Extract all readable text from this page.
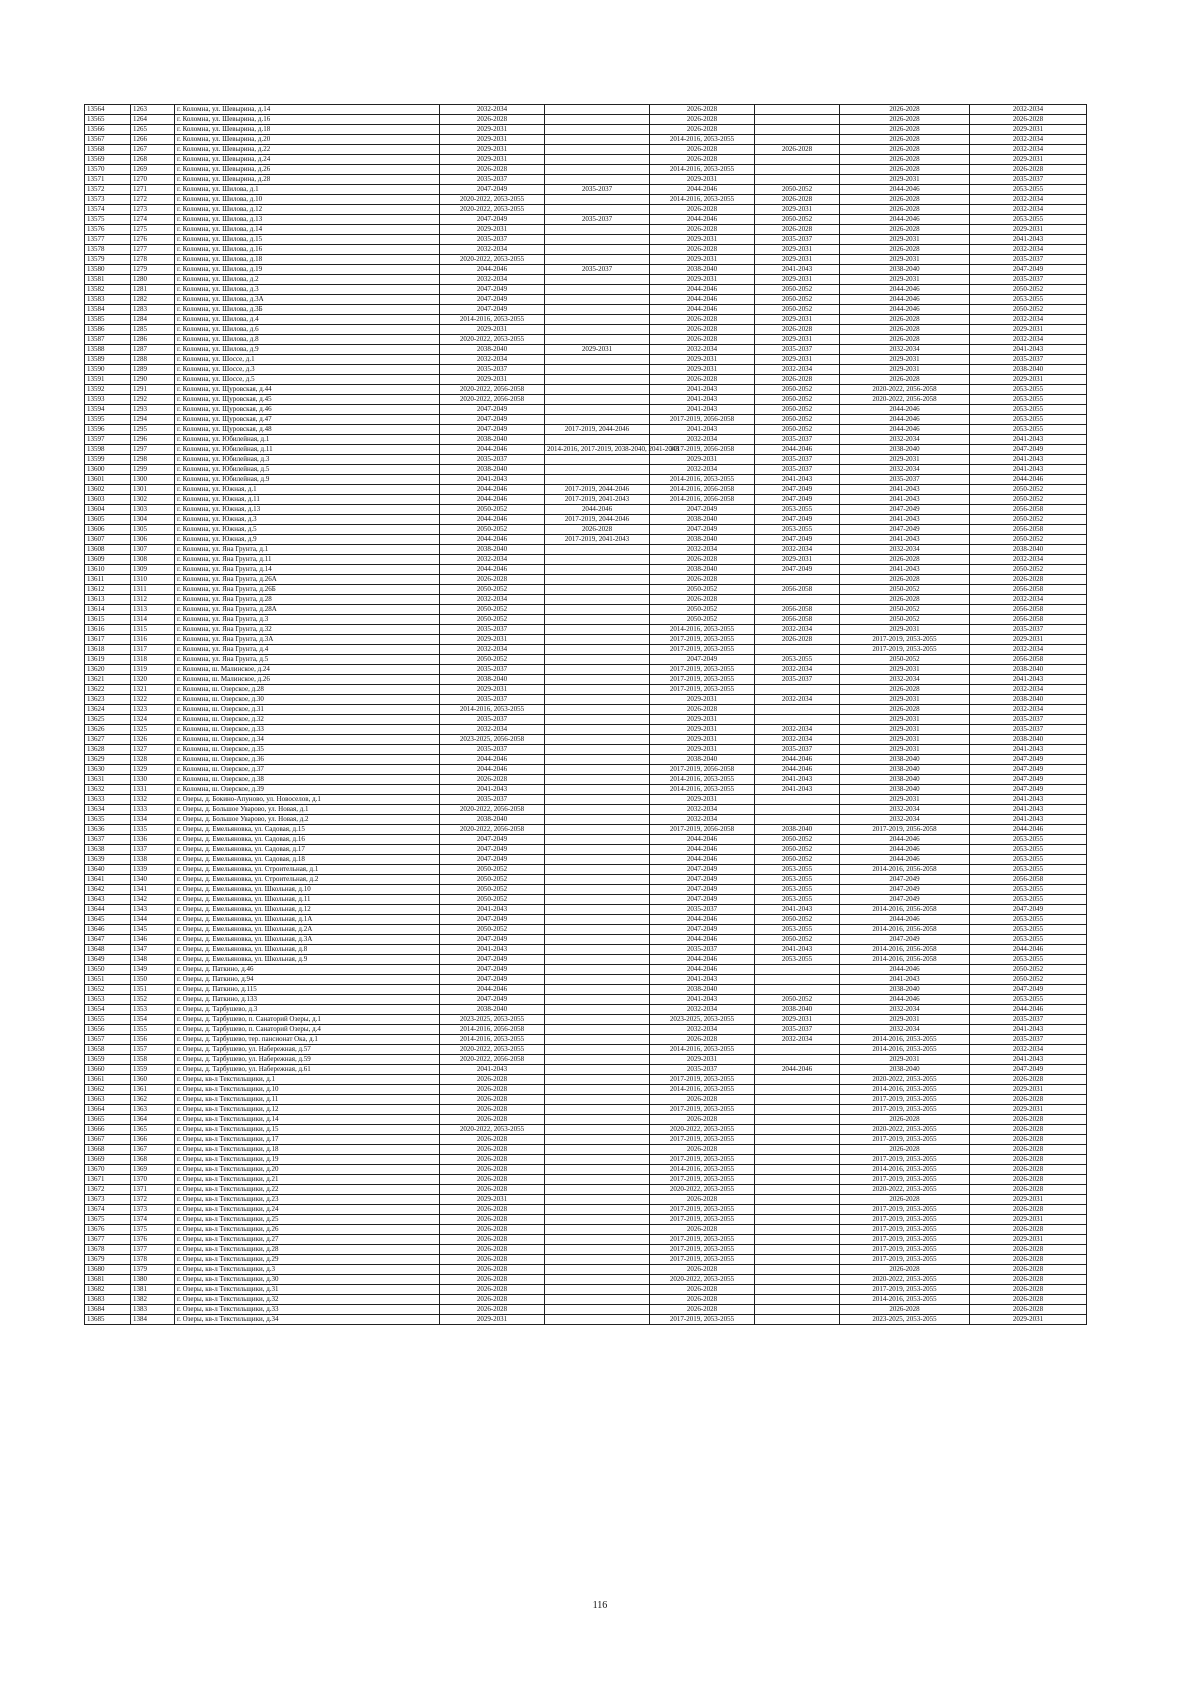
13564	1263	г. Коломна, ул. Шевырина, д.14	2032-2034		2026-2028		2026-2028	2032-2034
13565	1264	г. Коломна, ул. Шевырина, д.16	2026-2028		2026-2028		2026-2028	2026-2028
13566	1265	г. Коломна, ул. Шевырина, д.18	2029-2031		2026-2028		2026-2028	2029-2031
13567	1266	г. Коломна, ул. Шевырина, д.20	2029-2031		2014-2016, 2053-2055		2026-2028	2032-2034
13568	1267	г. Коломна, ул. Шевырина, д.22	2029-2031		2026-2028	2026-2028	2026-2028	2032-2034
13569	1268	г. Коломна, ул. Шевырина, д.24	2029-2031		2026-2028		2026-2028	2029-2031
13570	1269	г. Коломна, ул. Шевырина, д.26	2026-2028		2014-2016, 2053-2055		2026-2028	2026-2028
13571	1270	г. Коломна, ул. Шевырина, д.28	2035-2037		2029-2031		2029-2031	2035-2037
13572	1271	г. Коломна, ул. Шилова, д.1	2047-2049	2035-2037	2044-2046	2050-2052	2044-2046	2053-2055
13573	1272	г. Коломна, ул. Шилова, д.10	2020-2022, 2053-2055		2014-2016, 2053-2055	2026-2028	2026-2028	2032-2034
13574	1273	г. Коломна, ул. Шилова, д.12	2020-2022, 2053-2055		2026-2028	2029-2031	2026-2028	2032-2034
13575	1274	г. Коломна, ул. Шилова, д.13	2047-2049	2035-2037	2044-2046	2050-2052	2044-2046	2053-2055
13576	1275	г. Коломна, ул. Шилова, д.14	2029-2031		2026-2028	2026-2028	2026-2028	2029-2031
13577	1276	г. Коломна, ул. Шилова, д.15	2035-2037		2029-2031	2035-2037	2029-2031	2041-2043
13578	1277	г. Коломна, ул. Шилова, д.16	2032-2034		2026-2028	2029-2031	2026-2028	2032-2034
13579	1278	г. Коломна, ул. Шилова, д.18	2020-2022, 2053-2055		2029-2031	2029-2031	2029-2031	2035-2037
13580	1279	г. Коломна, ул. Шилова, д.19	2044-2046	2035-2037	2038-2040	2041-2043	2038-2040	2047-2049
13581	1280	г. Коломна, ул. Шилова, д.2	2032-2034		2029-2031	2029-2031	2029-2031	2035-2037
13582	1281	г. Коломна, ул. Шилова, д.3	2047-2049		2044-2046	2050-2052	2044-2046	2050-2052
13583	1282	г. Коломна, ул. Шилова, д.3А	2047-2049		2044-2046	2050-2052	2044-2046	2053-2055
13584	1283	г. Коломна, ул. Шилова, д.3Б	2047-2049		2044-2046	2050-2052	2044-2046	2050-2052
13585	1284	г. Коломна, ул. Шилова, д.4	2014-2016, 2053-2055		2026-2028	2029-2031	2026-2028	2032-2034
13586	1285	г. Коломна, ул. Шилова, д.6	2029-2031		2026-2028	2026-2028	2026-2028	2029-2031
13587	1286	г. Коломна, ул. Шилова, д.8	2020-2022, 2053-2055		2026-2028	2029-2031	2026-2028	2032-2034
13588	1287	г. Коломна, ул. Шилова, д.9	2038-2040	2029-2031	2032-2034	2035-2037	2032-2034	2041-2043
13589	1288	г. Коломна, ул. Шоссе, д.1	2032-2034		2029-2031	2029-2031	2029-2031	2035-2037
13590	1289	г. Коломна, ул. Шоссе, д.3	2035-2037		2029-2031	2032-2034	2029-2031	2038-2040
13591	1290	г. Коломна, ул. Шоссе, д.5	2029-2031		2026-2028	2026-2028	2026-2028	2029-2031
13592	1291	г. Коломна, ул. Щуровская, д.44	2020-2022, 2056-2058		2041-2043	2050-2052	2020-2022, 2056-2058	2053-2055
13593	1292	г. Коломна, ул. Щуровская, д.45	2020-2022, 2056-2058		2041-2043	2050-2052	2020-2022, 2056-2058	2053-2055
13594	1293	г. Коломна, ул. Щуровская, д.46	2047-2049		2041-2043	2050-2052	2044-2046	2053-2055
13595	1294	г. Коломна, ул. Щуровская, д.47	2047-2049		2017-2019, 2056-2058	2050-2052	2044-2046	2053-2055
13596	1295	г. Коломна, ул. Щуровская, д.48	2047-2049	2017-2019, 2044-2046	2041-2043	2050-2052	2044-2046	2053-2055
13597	1296	г. Коломна, ул. Юбилейная, д.1	2038-2040		2032-2034	2035-2037	2032-2034	2041-2043
13598	1297	г. Коломна, ул. Юбилейная, д.11	2044-2046	2014-2016, 2017-2019, 2038-2040, 2041-2043	2017-2019, 2056-2058	2044-2046	2038-2040	2047-2049
13599	1298	г. Коломна, ул. Юбилейная, д.3	2035-2037		2029-2031	2035-2037	2029-2031	2041-2043
13600	1299	г. Коломна, ул. Юбилейная, д.5	2038-2040		2032-2034	2035-2037	2032-2034	2041-2043
13601	1300	г. Коломна, ул. Юбилейная, д.9	2041-2043		2014-2016, 2053-2055	2041-2043	2035-2037	2044-2046
13602	1301	г. Коломна, ул. Южная, д.1	2044-2046	2017-2019, 2044-2046	2014-2016, 2056-2058	2047-2049	2041-2043	2050-2052
13603	1302	г. Коломна, ул. Южная, д.11	2044-2046	2017-2019, 2041-2043	2014-2016, 2056-2058	2047-2049	2041-2043	2050-2052
13604	1303	г. Коломна, ул. Южная, д.13	2050-2052	2044-2046	2047-2049	2053-2055	2047-2049	2056-2058
13605	1304	г. Коломна, ул. Южная, д.3	2044-2046	2017-2019, 2044-2046	2038-2040	2047-2049	2041-2043	2050-2052
13606	1305	г. Коломна, ул. Южная, д.5	2050-2052	2026-2028	2047-2049	2053-2055	2047-2049	2056-2058
13607	1306	г. Коломна, ул. Южная, д.9	2044-2046	2017-2019, 2041-2043	2038-2040	2047-2049	2041-2043	2050-2052
13608	1307	г. Коломна, ул. Яна Грунта, д.1	2038-2040		2032-2034	2032-2034	2032-2034	2038-2040
13609	1308	г. Коломна, ул. Яна Грунта, д.11	2032-2034		2026-2028	2029-2031	2026-2028	2032-2034
13610	1309	г. Коломна, ул. Яна Грунта, д.14	2044-2046		2038-2040	2047-2049	2041-2043	2050-2052
13611	1310	г. Коломна, ул. Яна Грунта, д.26А	2026-2028		2026-2028		2026-2028	2026-2028
13612	1311	г. Коломна, ул. Яна Грунта, д.26Б	2050-2052		2050-2052	2056-2058	2050-2052	2056-2058
13613	1312	г. Коломна, ул. Яна Грунта, д.28	2032-2034		2026-2028		2026-2028	2032-2034
13614	1313	г. Коломна, ул. Яна Грунта, д.28А	2050-2052		2050-2052	2056-2058	2050-2052	2056-2058
13615	1314	г. Коломна, ул. Яна Грунта, д.3	2050-2052		2050-2052	2056-2058	2050-2052	2056-2058
13616	1315	г. Коломна, ул. Яна Грунта, д.32	2035-2037		2014-2016, 2053-2055	2032-2034	2029-2031	2035-2037
13617	1316	г. Коломна, ул. Яна Грунта, д.3А	2029-2031		2017-2019, 2053-2055	2026-2028	2017-2019, 2053-2055	2029-2031
13618	1317	г. Коломна, ул. Яна Грунта, д.4	2032-2034		2017-2019, 2053-2055		2017-2019, 2053-2055	2032-2034
13619	1318	г. Коломна, ул. Яна Грунта, д.5	2050-2052		2047-2049	2053-2055	2050-2052	2056-2058
13620	1319	г. Коломна, ш. Малинское, д.24	2035-2037		2017-2019, 2053-2055	2032-2034	2029-2031	2038-2040
13621	1320	г. Коломна, ш. Малинское, д.26	2038-2040		2017-2019, 2053-2055	2035-2037	2032-2034	2041-2043
13622	1321	г. Коломна, ш. Озерское, д.28	2029-2031		2017-2019, 2053-2055		2026-2028	2032-2034
13623	1322	г. Коломна, ш. Озерское, д.30	2035-2037		2029-2031	2032-2034	2029-2031	2038-2040
13624	1323	г. Коломна, ш. Озерское, д.31	2014-2016, 2053-2055		2026-2028		2026-2028	2032-2034
13625	1324	г. Коломна, ш. Озерское, д.32	2035-2037		2029-2031		2029-2031	2035-2037
13626	1325	г. Коломна, ш. Озерское, д.33	2032-2034		2029-2031	2032-2034	2029-2031	2035-2037
13627	1326	г. Коломна, ш. Озерское, д.34	2023-2025, 2056-2058		2029-2031	2032-2034	2029-2031	2038-2040
13628	1327	г. Коломна, ш. Озерское, д.35	2035-2037		2029-2031	2035-2037	2029-2031	2041-2043
13629	1328	г. Коломна, ш. Озерское, д.36	2044-2046		2038-2040	2044-2046	2038-2040	2047-2049
13630	1329	г. Коломна, ш. Озерское, д.37	2044-2046		2017-2019, 2056-2058	2044-2046	2038-2040	2047-2049
13631	1330	г. Коломна, ш. Озерское, д.38	2026-2028		2014-2016, 2053-2055	2041-2043	2038-2040	2047-2049
13632	1331	г. Коломна, ш. Озерское, д.39	2041-2043		2014-2016, 2053-2055	2041-2043	2038-2040	2047-2049
13633	1332	г. Озеры, д. Бокино-Апуново, ул. Новоселов, д.1	2035-2037		2029-2031		2029-2031	2041-2043
13634	1333	г. Озеры, д. Большое Уварово, ул. Новая, д.1	2020-2022, 2056-2058		2032-2034		2032-2034	2041-2043
13635	1334	г. Озеры, д. Большое Уварово, ул. Новая, д.2	2038-2040		2032-2034		2032-2034	2041-2043
13636	1335	г. Озеры, д. Емельяновка, ул. Садовая, д.15	2020-2022, 2056-2058		2017-2019, 2056-2058	2038-2040	2017-2019, 2056-2058	2044-2046
13637	1336	г. Озеры, д. Емельяновка, ул. Садовая, д.16	2047-2049		2044-2046	2050-2052	2044-2046	2053-2055
13638	1337	г. Озеры, д. Емельяновка, ул. Садовая, д.17	2047-2049		2044-2046	2050-2052	2044-2046	2053-2055
13639	1338	г. Озеры, д. Емельяновка, ул. Садовая, д.18	2047-2049		2044-2046	2050-2052	2044-2046	2053-2055
13640	1339	г. Озеры, д. Емельяновка, ул. Строительная, д.1	2050-2052		2047-2049	2053-2055	2014-2016, 2056-2058	2053-2055
13641	1340	г. Озеры, д. Емельяновка, ул. Строительная, д.2	2050-2052		2047-2049	2053-2055	2047-2049	2056-2058
13642	1341	г. Озеры, д. Емельяновка, ул. Школьная, д.10	2050-2052		2047-2049	2053-2055	2047-2049	2053-2055
13643	1342	г. Озеры, д. Емельяновка, ул. Школьная, д.11	2050-2052		2047-2049	2053-2055	2047-2049	2053-2055
13644	1343	г. Озеры, д. Емельяновка, ул. Школьная, д.12	2041-2043		2035-2037	2041-2043	2014-2016, 2056-2058	2047-2049
13645	1344	г. Озеры, д. Емельяновка, ул. Школьная, д.1А	2047-2049		2044-2046	2050-2052	2044-2046	2053-2055
13646	1345	г. Озеры, д. Емельяновка, ул. Школьная, д.2А	2050-2052		2047-2049	2053-2055	2014-2016, 2056-2058	2053-2055
13647	1346	г. Озеры, д. Емельяновка, ул. Школьная, д.3А	2047-2049		2044-2046	2050-2052	2047-2049	2053-2055
13648	1347	г. Озеры, д. Емельяновка, ул. Школьная, д.8	2041-2043		2035-2037	2041-2043	2014-2016, 2056-2058	2044-2046
13649	1348	г. Озеры, д. Емельяновка, ул. Школьная, д.9	2047-2049		2044-2046	2053-2055	2014-2016, 2056-2058	2053-2055
13650	1349	г. Озеры, д. Паткино, д.46	2047-2049		2044-2046		2044-2046	2050-2052
13651	1350	г. Озеры, д. Паткино, д.94	2047-2049		2041-2043		2041-2043	2050-2052
13652	1351	г. Озеры, д. Паткино, д.115	2044-2046		2038-2040		2038-2040	2047-2049
13653	1352	г. Озеры, д. Паткино, д.133	2047-2049		2041-2043	2050-2052	2044-2046	2053-2055
13654	1353	г. Озеры, д. Тарбушево, д.3	2038-2040		2032-2034	2038-2040	2032-2034	2044-2046
13655	1354	г. Озеры, д. Тарбушево, п. Санаторий Озеры, д.1	2023-2025, 2053-2055		2023-2025, 2053-2055	2029-2031	2029-2031	2035-2037
13656	1355	г. Озеры, д. Тарбушево, п. Санаторий Озеры, д.4	2014-2016, 2056-2058		2032-2034	2035-2037	2032-2034	2041-2043
13657	1356	г. Озеры, д. Тарбушево, тер. пансионат Ока, д.1	2014-2016, 2053-2055		2026-2028	2032-2034	2014-2016, 2053-2055	2035-2037
13658	1357	г. Озеры, д. Тарбушево, ул. Набережная, д.57	2020-2022, 2053-2055		2014-2016, 2053-2055		2014-2016, 2053-2055	2032-2034
13659	1358	г. Озеры, д. Тарбушево, ул. Набережная, д.59	2020-2022, 2056-2058		2029-2031		2029-2031	2041-2043
13660	1359	г. Озеры, д. Тарбушево, ул. Набережная, д.61	2041-2043		2035-2037	2044-2046	2038-2040	2047-2049
13661	1360	г. Озеры, кв-л Текстильщики, д.1	2026-2028		2017-2019, 2053-2055		2020-2022, 2053-2055	2026-2028
13662	1361	г. Озеры, кв-л Текстильщики, д.10	2026-2028		2014-2016, 2053-2055		2014-2016, 2053-2055	2029-2031
13663	1362	г. Озеры, кв-л Текстильщики, д.11	2026-2028		2026-2028		2017-2019, 2053-2055	2026-2028
13664	1363	г. Озеры, кв-л Текстильщики, д.12	2026-2028		2017-2019, 2053-2055		2017-2019, 2053-2055	2029-2031
13665	1364	г. Озеры, кв-л Текстильщики, д.14	2026-2028		2026-2028		2026-2028	2026-2028
13666	1365	г. Озеры, кв-л Текстильщики, д.15	2020-2022, 2053-2055		2020-2022, 2053-2055		2020-2022, 2053-2055	2026-2028
13667	1366	г. Озеры, кв-л Текстильщики, д.17	2026-2028		2017-2019, 2053-2055		2017-2019, 2053-2055	2026-2028
13668	1367	г. Озеры, кв-л Текстильщики, д.18	2026-2028		2026-2028		2026-2028	2026-2028
13669	1368	г. Озеры, кв-л Текстильщики, д.19	2026-2028		2017-2019, 2053-2055		2017-2019, 2053-2055	2026-2028
13670	1369	г. Озеры, кв-л Текстильщики, д.20	2026-2028		2014-2016, 2053-2055		2014-2016, 2053-2055	2026-2028
13671	1370	г. Озеры, кв-л Текстильщики, д.21	2026-2028		2017-2019, 2053-2055		2017-2019, 2053-2055	2026-2028
13672	1371	г. Озеры, кв-л Текстильщики, д.22	2026-2028		2020-2022, 2053-2055		2020-2022, 2053-2055	2026-2028
13673	1372	г. Озеры, кв-л Текстильщики, д.23	2029-2031		2026-2028		2026-2028	2029-2031
13674	1373	г. Озеры, кв-л Текстильщики, д.24	2026-2028		2017-2019, 2053-2055		2017-2019, 2053-2055	2026-2028
13675	1374	г. Озеры, кв-л Текстильщики, д.25	2026-2028		2017-2019, 2053-2055		2017-2019, 2053-2055	2029-2031
13676	1375	г. Озеры, кв-л Текстильщики, д.26	2026-2028		2026-2028		2017-2019, 2053-2055	2026-2028
13677	1376	г. Озеры, кв-л Текстильщики, д.27	2026-2028		2017-2019, 2053-2055		2017-2019, 2053-2055	2029-2031
13678	1377	г. Озеры, кв-л Текстильщики, д.28	2026-2028		2017-2019, 2053-2055		2017-2019, 2053-2055	2026-2028
13679	1378	г. Озеры, кв-л Текстильщики, д.29	2026-2028		2017-2019, 2053-2055		2017-2019, 2053-2055	2026-2028
13680	1379	г. Озеры, кв-л Текстильщики, д.3	2026-2028		2026-2028		2026-2028	2026-2028
13681	1380	г. Озеры, кв-л Текстильщики, д.30	2026-2028		2020-2022, 2053-2055		2020-2022, 2053-2055	2026-2028
13682	1381	г. Озеры, кв-л Текстильщики, д.31	2026-2028		2026-2028		2017-2019, 2053-2055	2026-2028
13683	1382	г. Озеры, кв-л Текстильщики, д.32	2026-2028		2026-2028		2014-2016, 2053-2055	2026-2028
13684	1383	г. Озеры, кв-л Текстильщики, д.33	2026-2028		2026-2028		2026-2028	2026-2028
13685	1384	г. Озеры, кв-л Текстильщики, д.34	2029-2031		2017-2019, 2053-2055		2023-2025, 2053-2055	2029-2031
116
